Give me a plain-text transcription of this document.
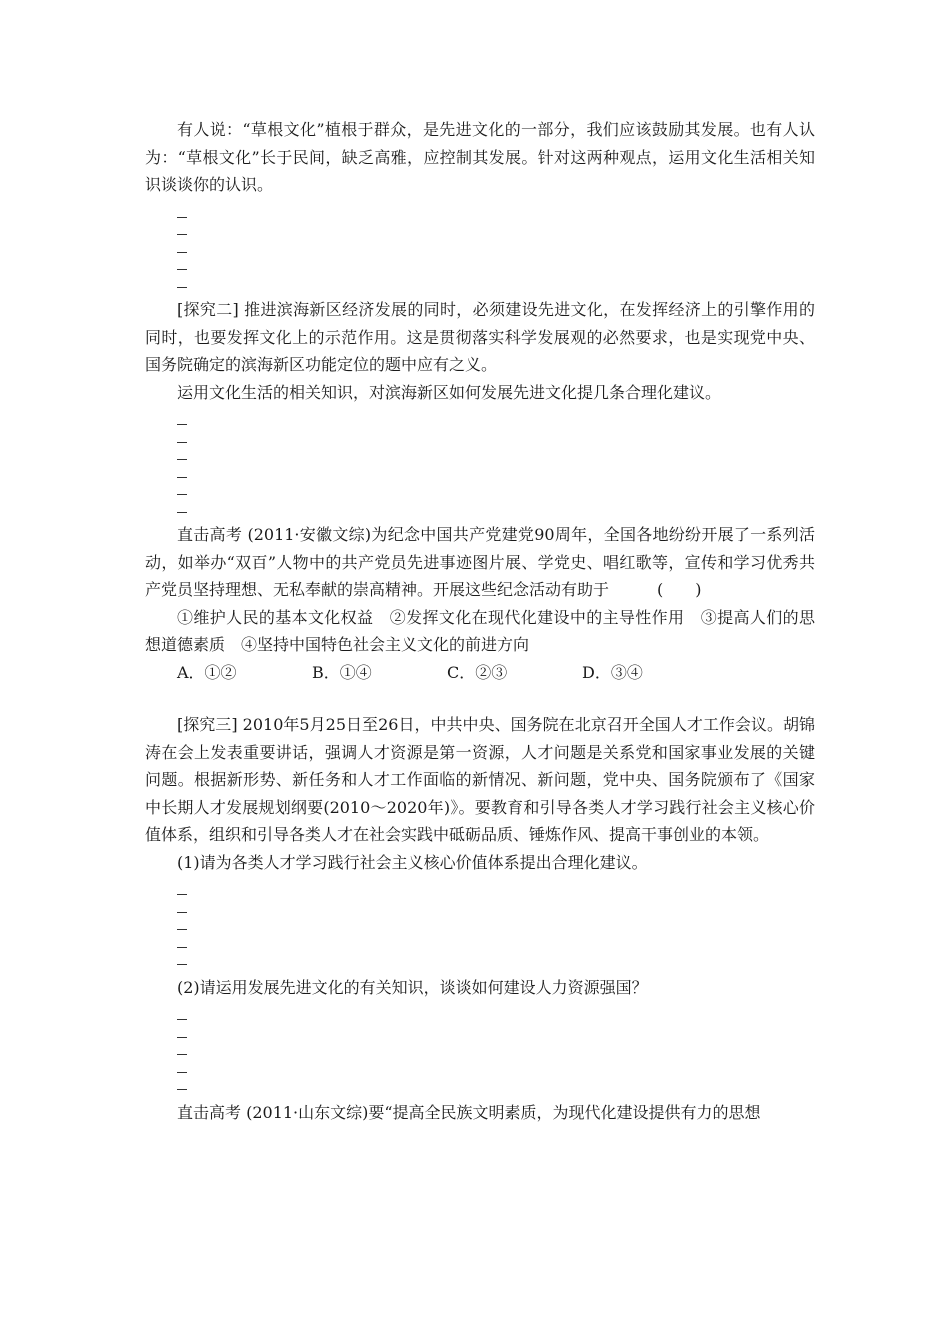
有人说：“草根文化”植根于群众，是先进文化的一部分，我们应该鼓励其发展。也有人认为：“草根文化”长于民间，缺乏高雅，应控制其发展。针对这两种观点，运用文化生活相关知识谈谈你的认识。

[探究二] 推进滨海新区经济发展的同时，必须建设先进文化，在发挥经济上的引擎作用的同时，也要发挥文化上的示范作用。这是贯彻落实科学发展观的必然要求，也是实现党中央、国务院确定的滨海新区功能定位的题中应有之义。

运用文化生活的相关知识，对滨海新区如何发展先进文化提几条合理化建议。

直击高考 (2011·安徽文综)为纪念中国共产党建党90周年，全国各地纷纷开展了一系列活动，如举办“双百”人物中的共产党员先进事迹图片展、学党史、唱红歌等，宣传和学习优秀共产党员坚持理想、无私奉献的崇高精神。开展这些纪念活动有助于　　　(　　)

①维护人民的基本文化权益　②发挥文化在现代化建设中的主导性作用　③提高人们的思想道德素质　④坚持中国特色社会主义文化的前进方向

A．①②	B．①④	C．②③	D．③④

[探究三] 2010年5月25日至26日，中共中央、国务院在北京召开全国人才工作会议。胡锦涛在会上发表重要讲话，强调人才资源是第一资源，人才问题是关系党和国家事业发展的关键问题。根据新形势、新任务和人才工作面临的新情况、新问题，党中央、国务院颁布了《国家中长期人才发展规划纲要(2010～2020年)》。要教育和引导各类人才学习践行社会主义核心价值体系，组织和引导各类人才在社会实践中砥砺品质、锤炼作风、提高干事创业的本领。

(1)请为各类人才学习践行社会主义核心价值体系提出合理化建议。

(2)请运用发展先进文化的有关知识，谈谈如何建设人力资源强国？

直击高考 (2011·山东文综)要“提高全民族文明素质，为现代化建设提供有力的思想
